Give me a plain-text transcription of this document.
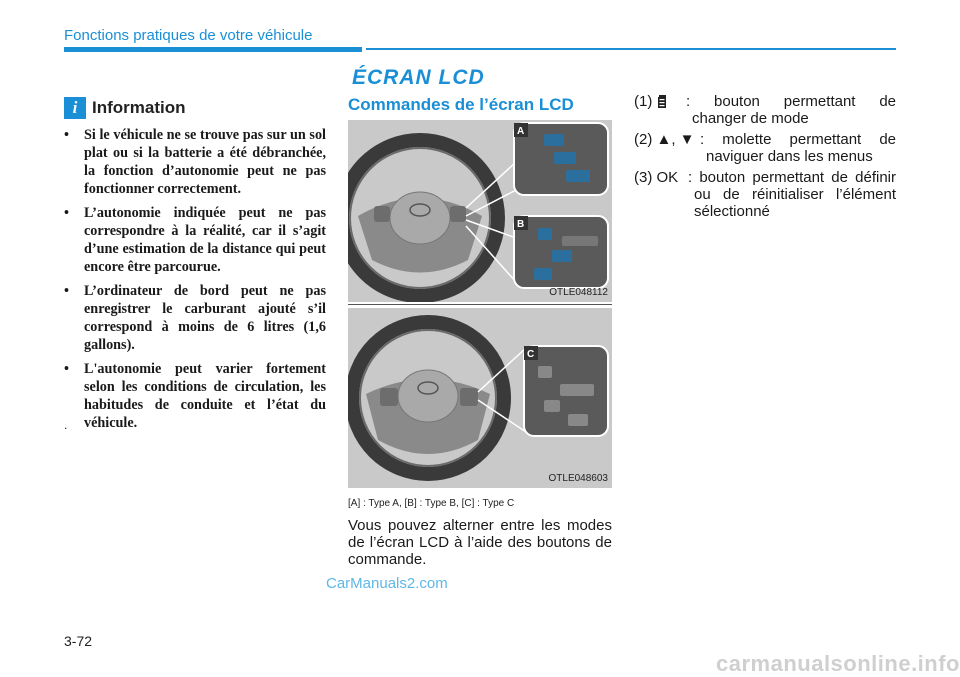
Fonctions pratiques de votre véhicule
ÉCRAN LCD
i Information
• Si le véhicule ne se trouve pas sur un sol plat ou si la batterie a été débranchée, la fonction d’autonomie peut ne pas fonctionner correctement.
• L’autonomie indiquée peut ne pas correspondre à la réalité, car il s’agit d’une estimation de la distance qui peut encore être parcourue.
• L’ordinateur de bord peut ne pas enregistrer le carburant ajouté s’il correspond à moins de 6 litres (1,6 gallons).
• L'autonomie peut varier fortement selon les conditions de circulation, les habitudes de conduite et l’état du véhicule.
.
Commandes de l’écran LCD
A
B
OTLE048112
C
OTLE048603
[A] : Type A, [B] : Type B, [C] : Type C
Vous pouvez alterner entre les modes de l’écran LCD à l’aide des boutons de commande.
CarManuals2.com
(1)	: bouton permettant de
changer de mode
(2) ▲, ▼ : molette permettant de
naviguer dans les menus
(3) OK : bouton permettant de définir
ou de réinitialiser l’élément
sélectionné
3-72
carmanualsonline.info
